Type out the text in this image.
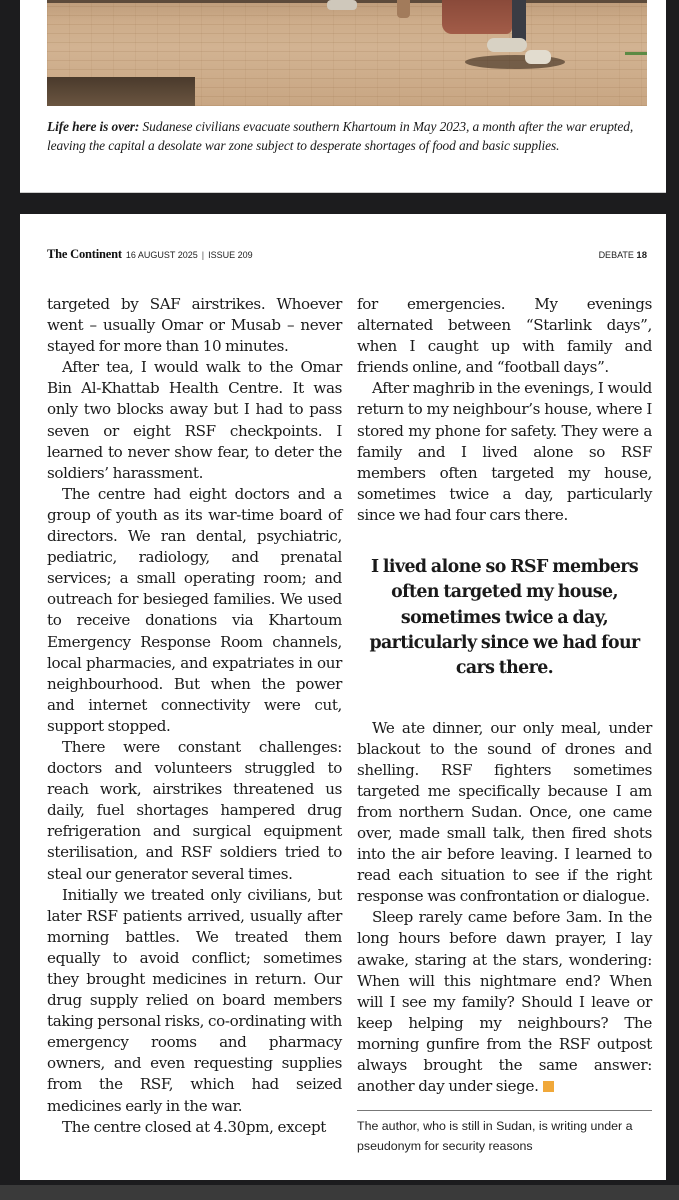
Life here is over: Sudanese civilians evacuate southern Khartoum in May 2023, a month after the war erupted, leaving the capital a desolate war zone subject to desperate shortages of food and basic supplies.
The Continent 16 AUGUST 2025 | ISSUE 209	DEBATE 18

targeted by SAF airstrikes. Whoever went – usually Omar or Musab – never stayed for more than 10 minutes.

After tea, I would walk to the Omar Bin Al-Khattab Health Centre. It was only two blocks away but I had to pass seven or eight RSF checkpoints. I learned to never show fear, to deter the soldiers’ harassment.

The centre had eight doctors and a group of youth as its war-time board of directors. We ran dental, psychiatric, pediatric, radiology, and prenatal services; a small operating room; and outreach for besieged families. We used to receive donations via Khartoum Emergency Response Room channels, local pharmacies, and expatriates in our neighbourhood. But when the power and internet connectivity were cut, support stopped.

There were constant challenges: doctors and volunteers struggled to reach work, airstrikes threatened us daily, fuel shortages hampered drug refrigeration and surgical equipment sterilisation, and RSF soldiers tried to steal our generator several times.

Initially we treated only civilians, but later RSF patients arrived, usually after morning battles. We treated them equally to avoid conflict; sometimes they brought medicines in return. Our drug supply relied on board members taking personal risks, co-ordinating with emergency rooms and pharmacy owners, and even requesting supplies from the RSF, which had seized medicines early in the war.

The centre closed at 4.30pm, except

for emergencies. My evenings alternated between “Starlink days”, when I caught up with family and friends online, and “football days”.

After maghrib in the evenings, I would return to my neighbour’s house, where I stored my phone for safety. They were a family and I lived alone so RSF members often targeted my house, sometimes twice a day, particularly since we had four cars there.

I lived alone so RSF members often targeted my house, sometimes twice a day, particularly since we had four cars there.

We ate dinner, our only meal, under blackout to the sound of drones and shelling. RSF fighters sometimes targeted me specifically because I am from northern Sudan. Once, one came over, made small talk, then fired shots into the air before leaving. I learned to read each situation to see if the right response was confrontation or dialogue.

Sleep rarely came before 3am. In the long hours before dawn prayer, I lay awake, staring at the stars, wondering: When will this nightmare end? When will I see my family? Should I leave or keep helping my neighbours? The morning gunfire from the RSF outpost always brought the same answer: another day under siege.

The author, who is still in Sudan, is writing under a pseudonym for security reasons
